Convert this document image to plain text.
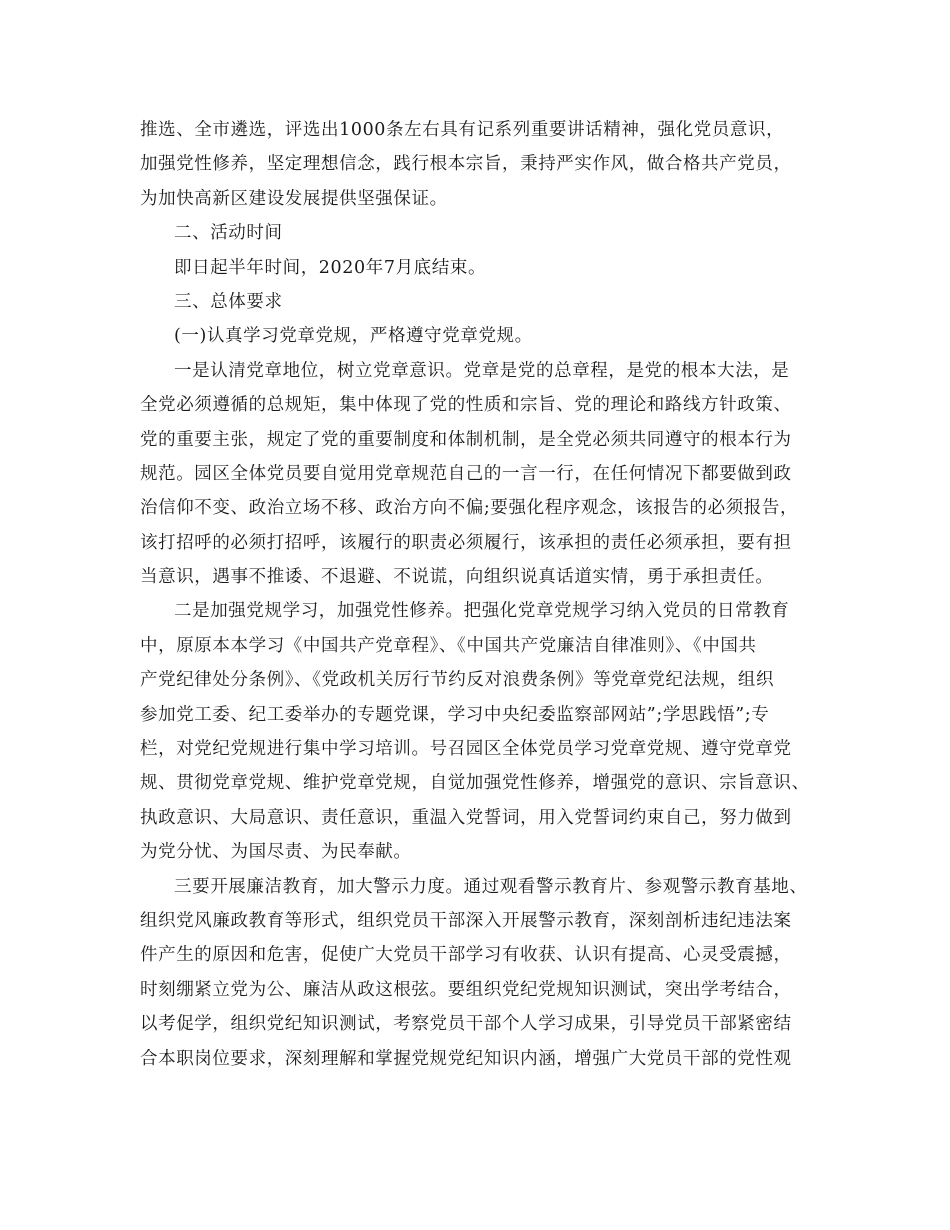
推选、全市遴选，评选出1000条左右具有记系列重要讲话精神，强化党员意识，
加强党性修养，坚定理想信念，践行根本宗旨，秉持严实作风，做合格共产党员，
为加快高新区建设发展提供坚强保证。
二、活动时间
即日起半年时间，2020年7月底结束。
三、总体要求
(一)认真学习党章党规，严格遵守党章党规。
一是认清党章地位，树立党章意识。党章是党的总章程，是党的根本大法，是
全党必须遵循的总规矩，集中体现了党的性质和宗旨、党的理论和路线方针政策、
党的重要主张，规定了党的重要制度和体制机制，是全党必须共同遵守的根本行为
规范。园区全体党员要自觉用党章规范自己的一言一行，在任何情况下都要做到政
治信仰不变、政治立场不移、政治方向不偏;要强化程序观念，该报告的必须报告，
该打招呼的必须打招呼，该履行的职责必须履行，该承担的责任必须承担，要有担
当意识，遇事不推诿、不退避、不说谎，向组织说真话道实情，勇于承担责任。
二是加强党规学习，加强党性修养。把强化党章党规学习纳入党员的日常教育
中，原原本本学习《中国共产党章程》、《中国共产党廉洁自律准则》、《中国共
产党纪律处分条例》、《党政机关厉行节约反对浪费条例》等党章党纪法规，组织
参加党工委、纪工委举办的专题党课，学习中央纪委监察部网站”;学思践悟”;专
栏，对党纪党规进行集中学习培训。号召园区全体党员学习党章党规、遵守党章党
规、贯彻党章党规、维护党章党规，自觉加强党性修养，增强党的意识、宗旨意识、
执政意识、大局意识、责任意识，重温入党誓词，用入党誓词约束自己，努力做到
为党分忧、为国尽责、为民奉献。
三要开展廉洁教育，加大警示力度。通过观看警示教育片、参观警示教育基地、
组织党风廉政教育等形式，组织党员干部深入开展警示教育，深刻剖析违纪违法案
件产生的原因和危害，促使广大党员干部学习有收获、认识有提高、心灵受震撼，
时刻绷紧立党为公、廉洁从政这根弦。要组织党纪党规知识测试，突出学考结合，
以考促学，组织党纪知识测试，考察党员干部个人学习成果，引导党员干部紧密结
合本职岗位要求，深刻理解和掌握党规党纪知识内涵，增强广大党员干部的党性观
